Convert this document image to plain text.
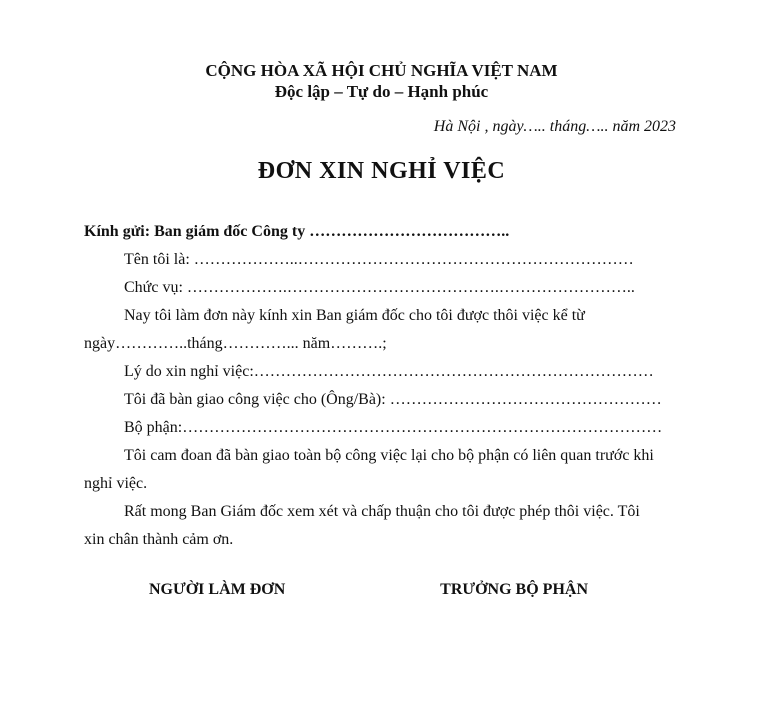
CỘNG HÒA XÃ HỘI CHỦ NGHĨA VIỆT NAM
Độc lập – Tự do – Hạnh phúc
Hà Nội , ngày….. tháng….. năm 2023
ĐƠN XIN NGHỈ VIỆC
Kính gửi: Ban giám đốc Công ty ………………………………..
Tên tôi là: ………………..………………………………………………………
Chức vụ: ……………….………………………………….……………………..
Nay tôi làm đơn này kính xin Ban giám đốc cho tôi được thôi việc kể từ
ngày…………..tháng…………... năm……….;
Lý do xin nghỉ việc:…………………………………………………………………
Tôi đã bàn giao công việc cho (Ông/Bà): ……………………………………………
Bộ phận:………………………………………………………………………………
Tôi cam đoan đã bàn giao toàn bộ công việc lại cho bộ phận có liên quan trước khi
nghỉ việc.
Rất mong Ban Giám đốc xem xét và chấp thuận cho tôi được phép thôi việc. Tôi
xin chân thành cảm ơn.
NGƯỜI LÀM ĐƠN	TRƯỞNG BỘ PHẬN
